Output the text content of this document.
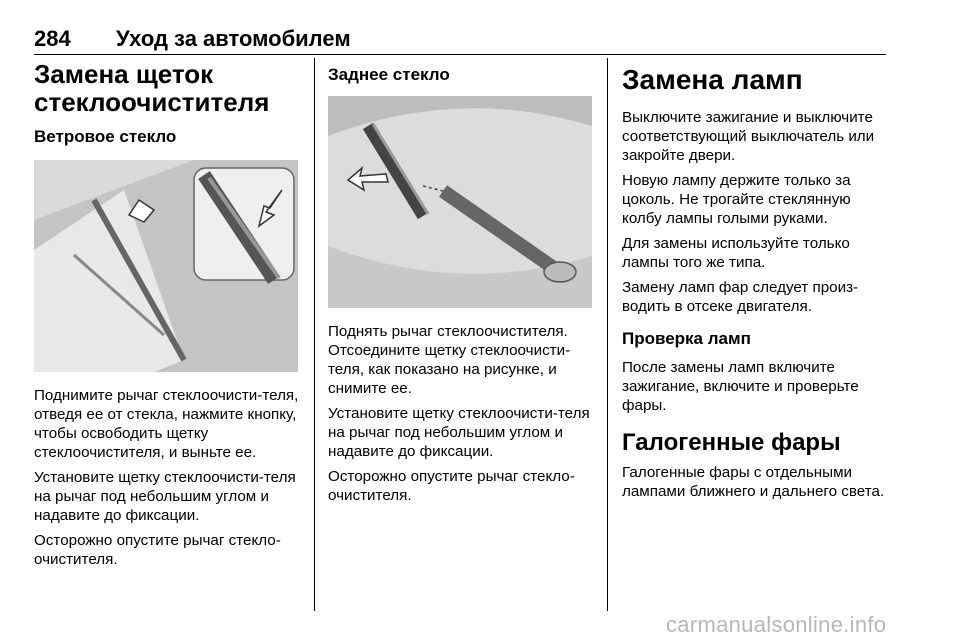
284 Уход за автомобилем
Замена щеток
стеклоочистителя
Ветровое стекло

Поднимите рычаг стеклоочисти-теля, отведя ее от стекла, нажмите кнопку, чтобы освободить щетку стеклоочистителя, и выньте ее.

Установите щетку стеклоочисти-теля на рычаг под небольшим углом и надавите до фиксации.

Осторожно опустите рычаг стекло-очистителя.

Заднее стекло

Поднять рычаг стеклоочистителя. Отсоедините щетку стеклоочисти-теля, как показано на рисунке, и снимите ее.

Установите щетку стеклоочисти-теля на рычаг под небольшим углом и надавите до фиксации.

Осторожно опустите рычаг стекло-очистителя.

Замена ламп

Выключите зажигание и выключите соответствующий выключатель или закройте двери.

Новую лампу держите только за цоколь. Не трогайте стеклянную колбу лампы голыми руками.

Для замены используйте только лампы того же типа.

Замену ламп фар следует произ-водить в отсеке двигателя.

Проверка ламп

После замены ламп включите зажигание, включите и проверьте фары.

Галогенные фары

Галогенные фары с отдельными лампами ближнего и дальнего света.

carmanualsonline.info
